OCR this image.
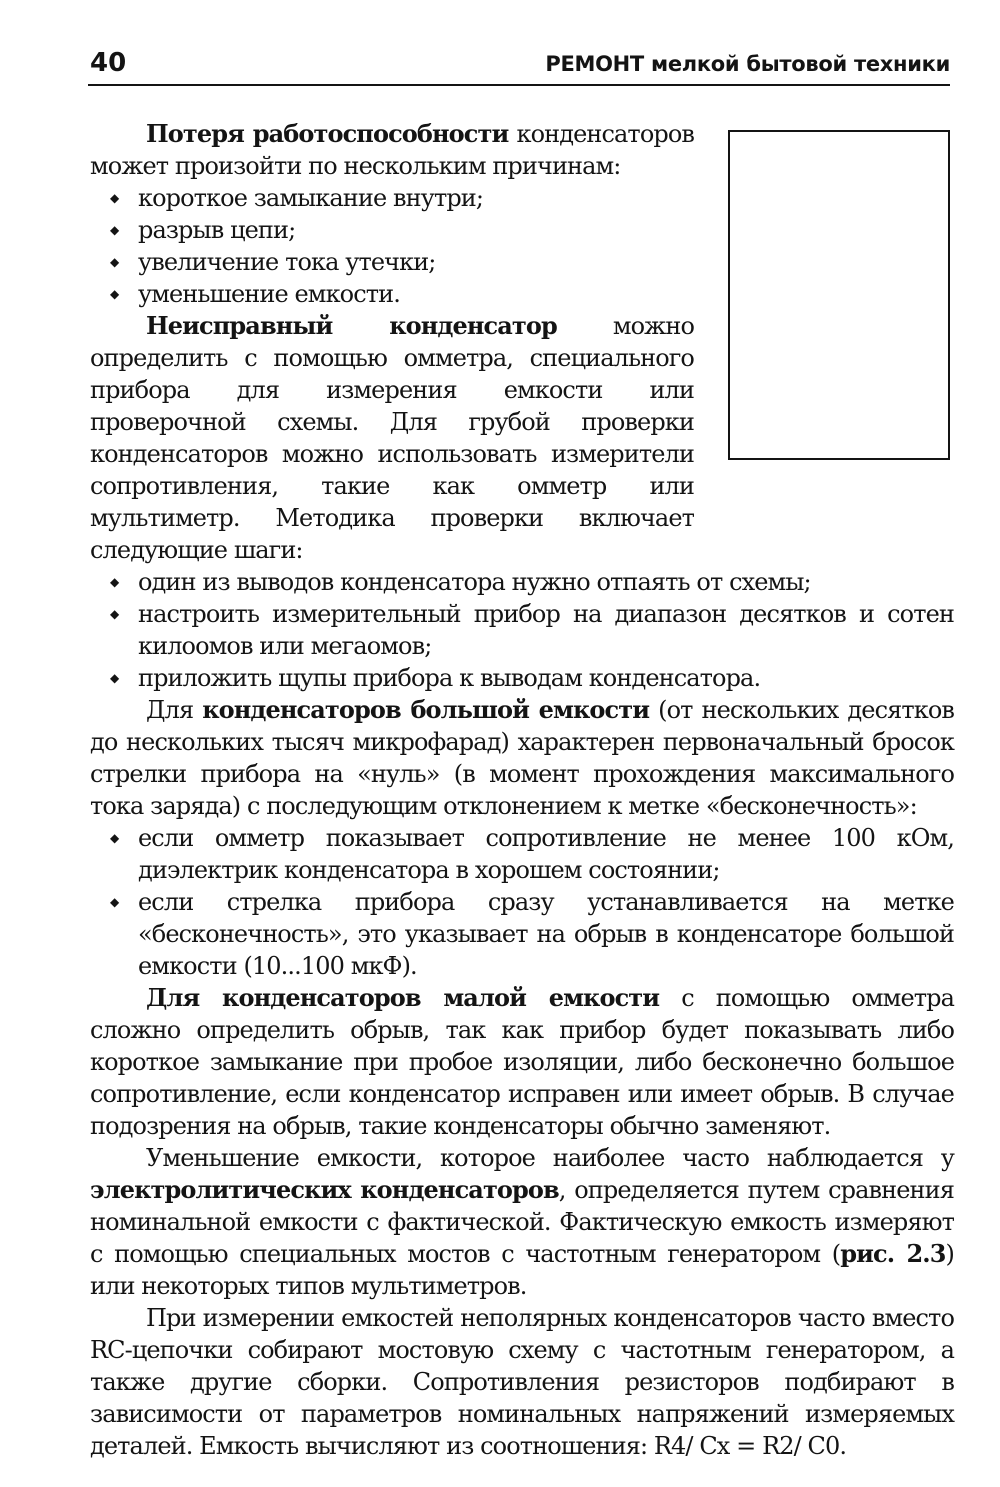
40	РЕМОНТ мелкой бытовой техники

Потеря работоспособности конденсаторов может произойти по нескольким причинам:

◆ короткое замыкание внутри;
◆ разрыв цепи;
◆ увеличение тока утечки;
◆ уменьшение емкости.

Неисправный конденсатор можно определить с помощью омметра, специального прибора для измерения емкости или проверочной схемы. Для грубой проверки конденсаторов можно использовать измерители сопротивления, такие как омметр или мультиметр. Методика проверки включает следующие шаги:

◆ один из выводов конденсатора нужно отпаять от схемы;
◆ настроить измерительный прибор на диапазон десятков и сотен килоомов или мегаомов;
◆ приложить щупы прибора к выводам конденсатора.

Для конденсаторов большой емкости (от нескольких десятков до нескольких тысяч микрофарад) характерен первоначальный бросок стрелки прибора на «нуль» (в момент прохождения максимального тока заряда) с последующим отклонением к метке «бесконечность»:

◆ если омметр показывает сопротивление не менее 100 кОм, диэлектрик конденсатора в хорошем состоянии;
◆ если стрелка прибора сразу устанавливается на метке «бесконечность», это указывает на обрыв в конденсаторе большой емкости (10...100 мкФ).

Для конденсаторов малой емкости с помощью омметра сложно определить обрыв, так как прибор будет показывать либо короткое замыкание при пробое изоляции, либо бесконечно большое сопротивление, если конденсатор исправен или имеет обрыв. В случае подозрения на обрыв, такие конденсаторы обычно заменяют.

Уменьшение емкости, которое наиболее часто наблюдается у электролитических конденсаторов, определяется путем сравнения номинальной емкости с фактической. Фактическую емкость измеряют с помощью специальных мостов с частотным генератором (рис. 2.3) или некоторых типов мультиметров.

При измерении емкостей неполярных конденсаторов часто вместо RC-цепочки собирают мостовую схему с частотным генератором, а также другие сборки. Сопротивления резисторов подбирают в зависимости от параметров номинальных напряжений измеряемых деталей. Емкость вычисляют из соотношения: R4/ Cx = R2/ C0.
